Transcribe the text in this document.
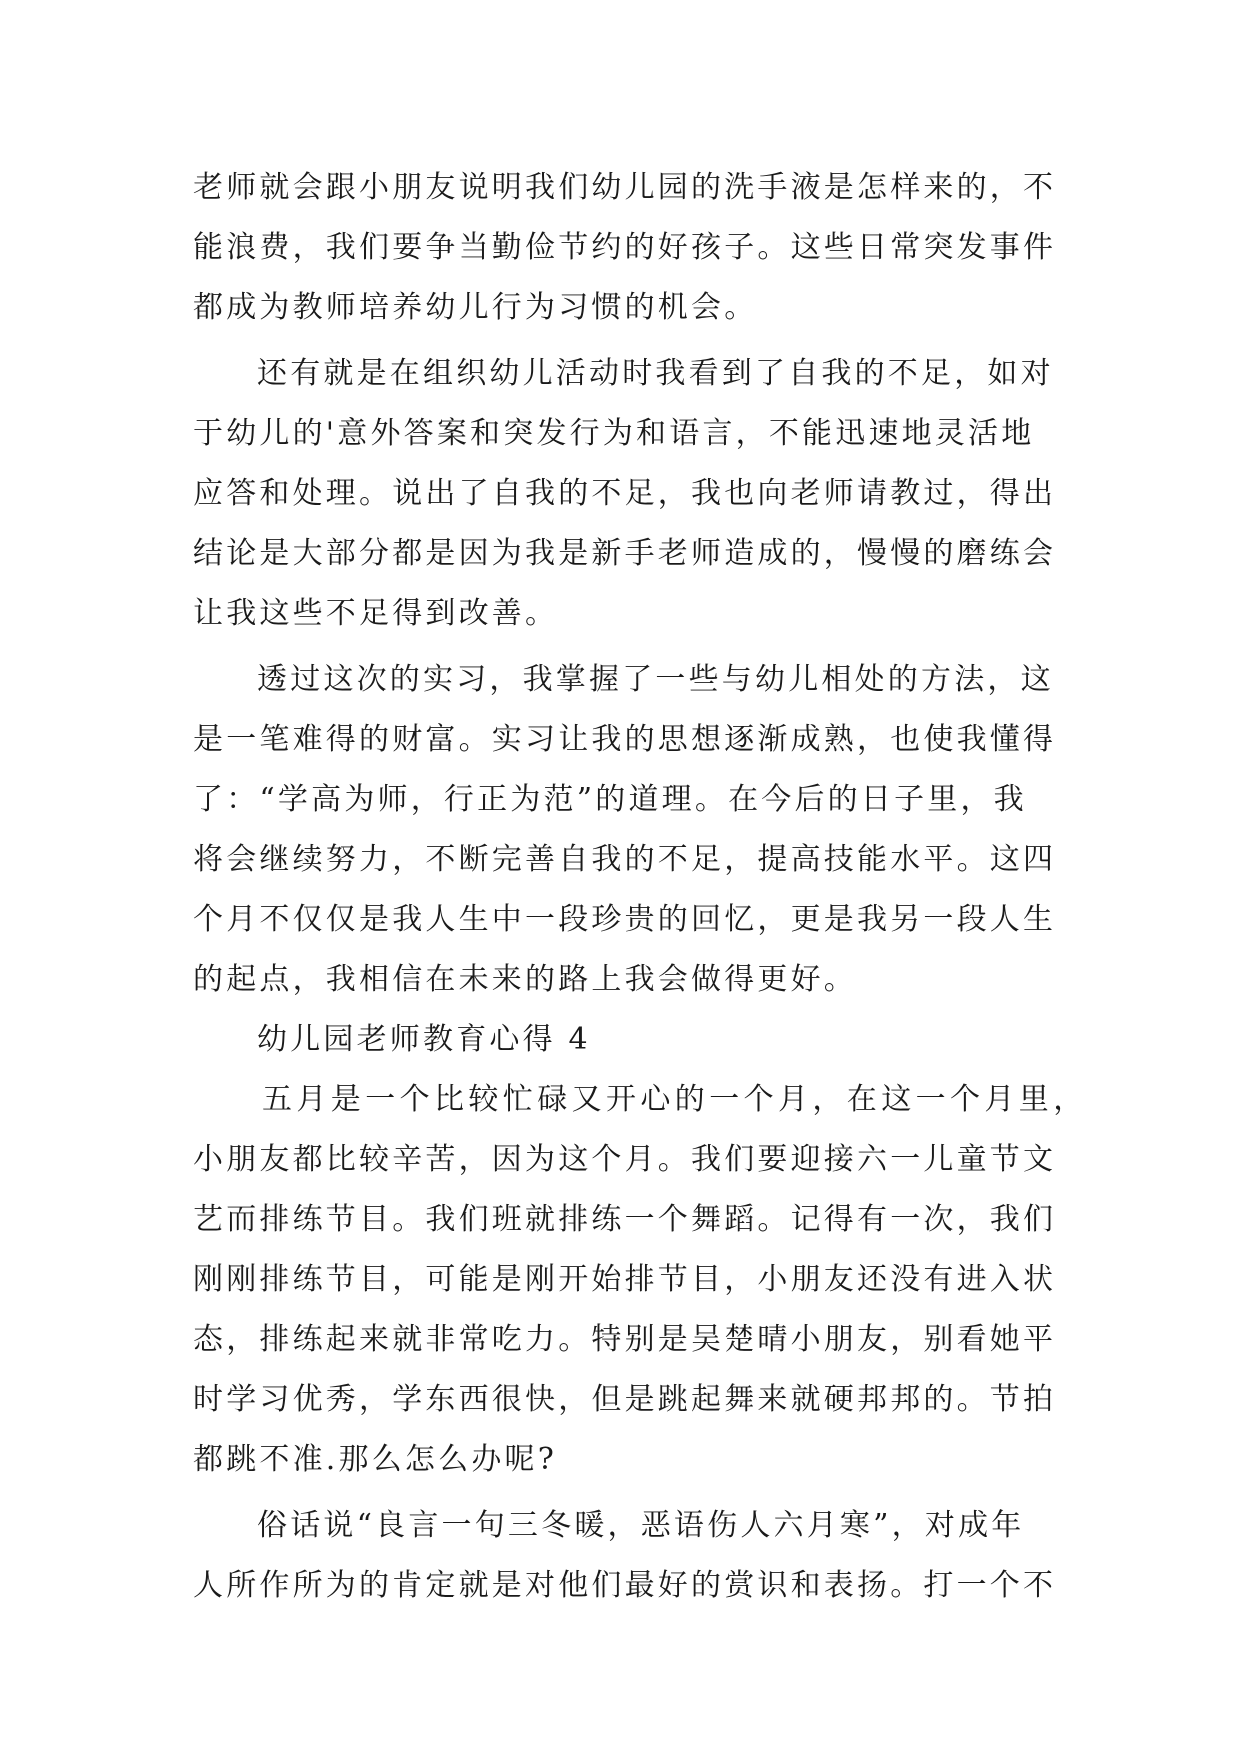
老师就会跟小朋友说明我们幼儿园的洗手液是怎样来的，不
能浪费，我们要争当勤俭节约的好孩子。这些日常突发事件
都成为教师培养幼儿行为习惯的机会。
还有就是在组织幼儿活动时我看到了自我的不足，如对
于幼儿的'意外答案和突发行为和语言，不能迅速地灵活地
应答和处理。说出了自我的不足，我也向老师请教过，得出
结论是大部分都是因为我是新手老师造成的，慢慢的磨练会
让我这些不足得到改善。
透过这次的实习，我掌握了一些与幼儿相处的方法，这
是一笔难得的财富。实习让我的思想逐渐成熟，也使我懂得
了：“学高为师，行正为范”的道理。在今后的日子里，我
将会继续努力，不断完善自我的不足，提高技能水平。这四
个月不仅仅是我人生中一段珍贵的回忆，更是我另一段人生
的起点，我相信在未来的路上我会做得更好。
幼儿园老师教育心得 4
五月是一个比较忙碌又开心的一个月，在这一个月里，
小朋友都比较辛苦，因为这个月。我们要迎接六一儿童节文
艺而排练节目。我们班就排练一个舞蹈。记得有一次，我们
刚刚排练节目，可能是刚开始排节目，小朋友还没有进入状
态，排练起来就非常吃力。特别是吴楚晴小朋友，别看她平
时学习优秀，学东西很快，但是跳起舞来就硬邦邦的。节拍
都跳不准.那么怎么办呢?
俗话说“良言一句三冬暖，恶语伤人六月寒”，对成年
人所作所为的肯定就是对他们最好的赏识和表扬。打一个不
